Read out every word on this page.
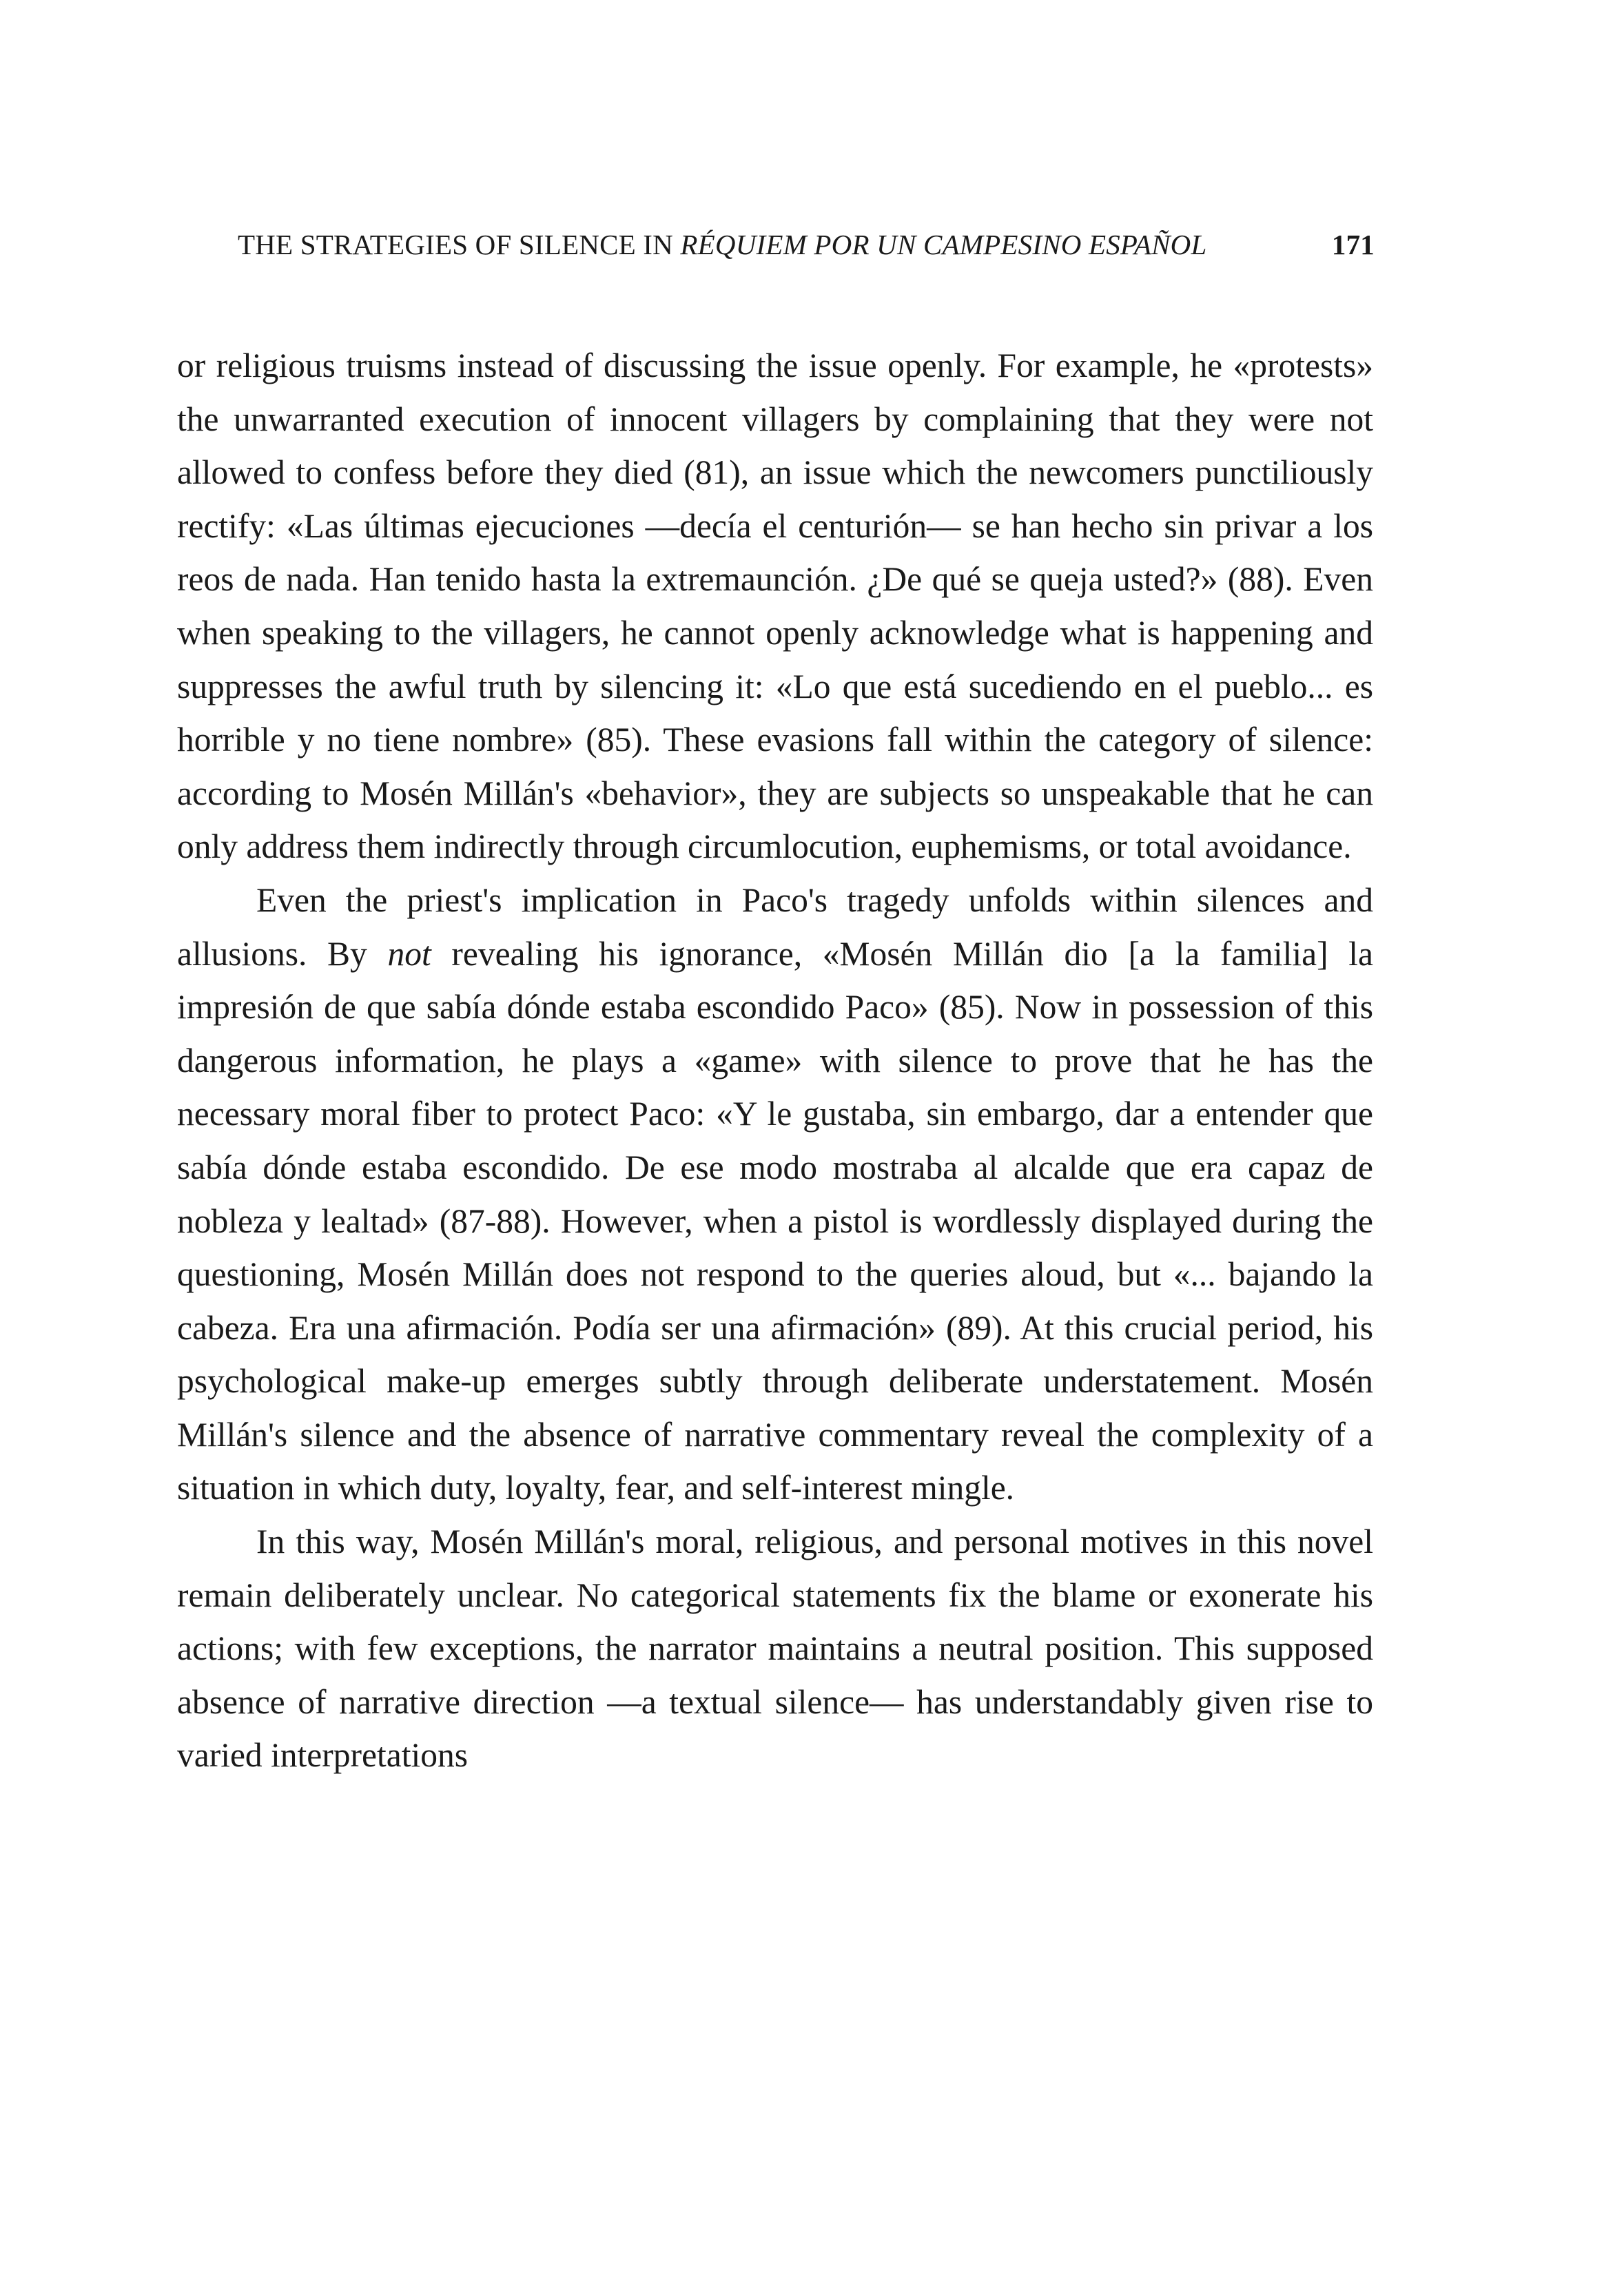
THE STRATEGIES OF SILENCE IN RÉQUIEM POR UN CAMPESINO ESPAÑOL	171

or religious truisms instead of discussing the issue openly. For example, he «protests» the unwarranted execution of innocent villagers by complaining that they were not allowed to confess before they died (81), an issue which the newcomers punctiliously rectify: «Las últimas ejecuciones —decía el centurión— se han hecho sin privar a los reos de nada. Han tenido hasta la extremaunción. ¿De qué se queja usted?» (88). Even when speaking to the villagers, he cannot openly acknowledge what is happening and suppresses the awful truth by silencing it: «Lo que está sucediendo en el pueblo... es horrible y no tiene nombre» (85). These evasions fall within the category of silence: according to Mosén Millán's «behavior», they are subjects so unspeakable that he can only address them indirectly through circumlocution, euphemisms, or total avoidance.

Even the priest's implication in Paco's tragedy unfolds within silences and allusions. By not revealing his ignorance, «Mosén Millán dio [a la familia] la impresión de que sabía dónde estaba escondido Paco» (85). Now in possession of this dangerous information, he plays a «game» with silence to prove that he has the necessary moral fiber to protect Paco: «Y le gustaba, sin embargo, dar a entender que sabía dónde estaba escondido. De ese modo mostraba al alcalde que era capaz de nobleza y lealtad» (87-88). However, when a pistol is wordlessly displayed during the questioning, Mosén Millán does not respond to the queries aloud, but «... bajando la cabeza. Era una afirmación. Podía ser una afirmación» (89). At this crucial period, his psychological make-up emerges subtly through deliberate understatement. Mosén Millán's silence and the absence of narrative commentary reveal the complexity of a situation in which duty, loyalty, fear, and self-interest mingle.

In this way, Mosén Millán's moral, religious, and personal motives in this novel remain deliberately unclear. No categorical statements fix the blame or exonerate his actions; with few exceptions, the narrator maintains a neutral position. This supposed absence of narrative direction —a textual silence— has understandably given rise to varied interpretations
